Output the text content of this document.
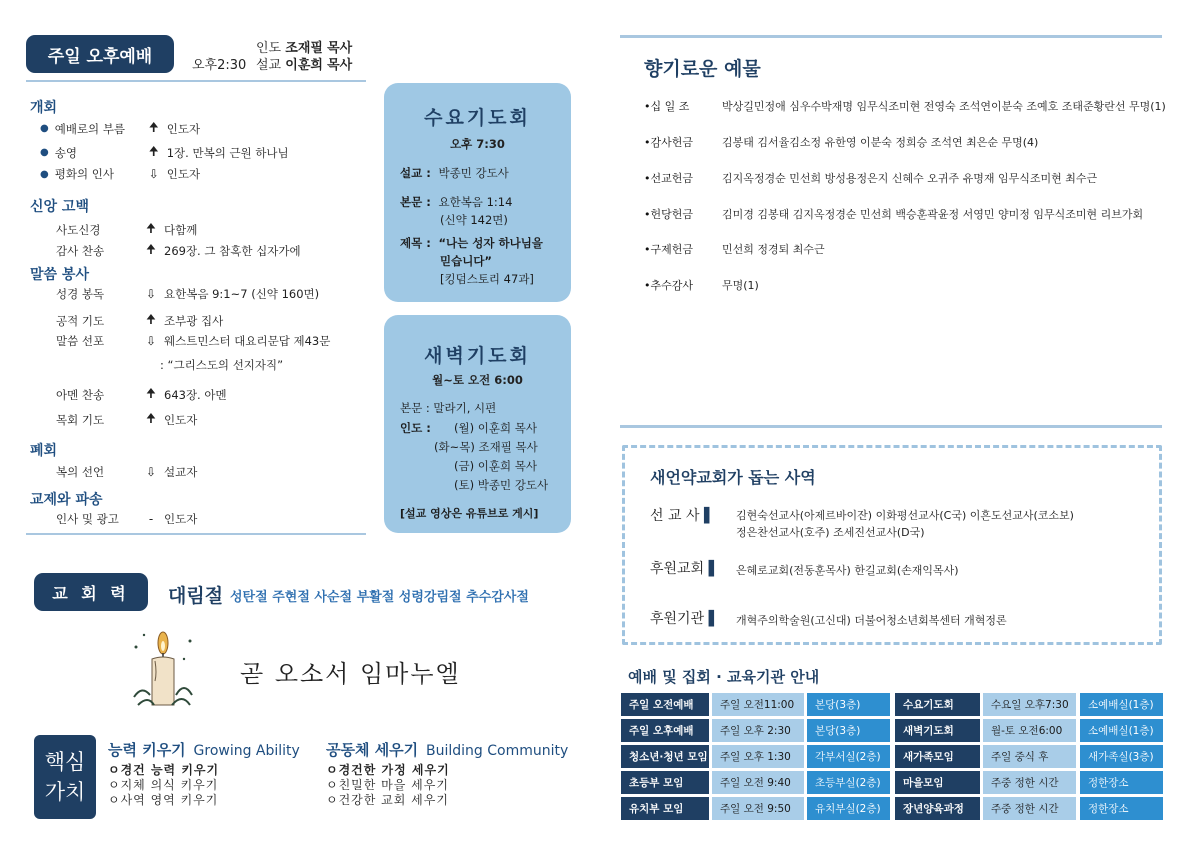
주일 오후예배	오후2:30
인도 조재필 목사
설교 이훈희 목사
개회
● 예배로의 부름	🠉 인도자
● 송영	🠉 1장. 만복의 근원 하나님
● 평화의 인사	⇩ 인도자
신앙 고백
사도신경	🠉 다함께
감사 찬송	🠉 269장. 그 참혹한 십자가에
말씀 봉사
성경 봉독	⇩ 요한복음 9:1~7 (신약 160면)
공적 기도	🠉 조부광 집사
말씀 선포	⇩ 웨스트민스터 대요리문답 제43문
: “그리스도의 선지자직”
아멘 찬송	🠉 643장. 아멘
목회 기도	🠉 인도자
폐회
복의 선언	⇩ 설교자
교제와 파송
인사 및 광고	- 인도자
수요기도회
오후 7:30
설교 : 박종민 강도사
본문 : 요한복음 1:14
(신약 142면)
제목 : “나는 성자 하나님을
믿습니다”
[킹덤스토리 47과]
새벽기도회
월~토 오전 6:00
본문 : 말라기, 시편
인도 : (월) 이훈희 목사
(화~목) 조재필 목사
(금) 이훈희 목사
(토) 박종민 강도사
[설교 영상은 유튜브로 게시]
교 회 력 대림절 성탄절 주현절 사순절 부활절 성령강림절 추수감사절
곧 오소서 임마누엘
핵심
가치
능력 키우기 Growing Ability
ㅇ경건 능력 키우기
ㅇ지체 의식 키우기
ㅇ사역 영역 키우기
공동체 세우기 Building Community
ㅇ경건한 가정 세우기
ㅇ친밀한 마을 세우기
ㅇ건강한 교회 세우기
향기로운 예물
•십 일 조	박상길민정애 심우수박재명 임무식조미현 전영숙 조석연이분숙 조예호 조태준황란선 무명(1)
•감사헌금	김봉태 김서율김소정 유한영 이분숙 정희승 조석연 최은순 무명(4)
•선교헌금	김지옥정경순 민선희 방성용정은지 신혜수 오귀주 유명재 임무식조미현 최수근
•헌당헌금	김미경 김봉태 김지옥정경순 민선희 백승훈곽윤정 서영민 양미정 임무식조미현 리브가회
•구제헌금	민선희 정경퇴 최수근
•추수감사	무명(1)
새언약교회가 돕는 사역
선 교 사 ▌	김현숙선교사(아제르바이잔) 이화평선교사(C국) 이흔도선교사(코소보)
정은찬선교사(호주) 조세진선교사(D국)
후원교회 ▌	은혜로교회(전동훈목사) 한길교회(손재익목사)
후원기관 ▌	개혁주의학술원(고신대) 더불어청소년회복센터 개혁정론
예배 및 집회 · 교육기관 안내
주일 오전예배	주일 오전11:00	본당(3층)	수요기도회	수요일 오후7:30	소예배실(1층)
주일 오후예배	주일 오후 2:30	본당(3층)	새벽기도회	월-토 오전6:00	소예배실(1층)
청소년·청년 모임	주일 오후 1:30	각부서실(2층)	새가족모임	주일 중식 후	새가족실(3층)
초등부 모임	주일 오전 9:40	초등부실(2층)	마을모임	주중 정한 시간	정한장소
유치부 모임	주일 오전 9:50	유치부실(2층)	장년양육과정	주중 정한 시간	정한장소
